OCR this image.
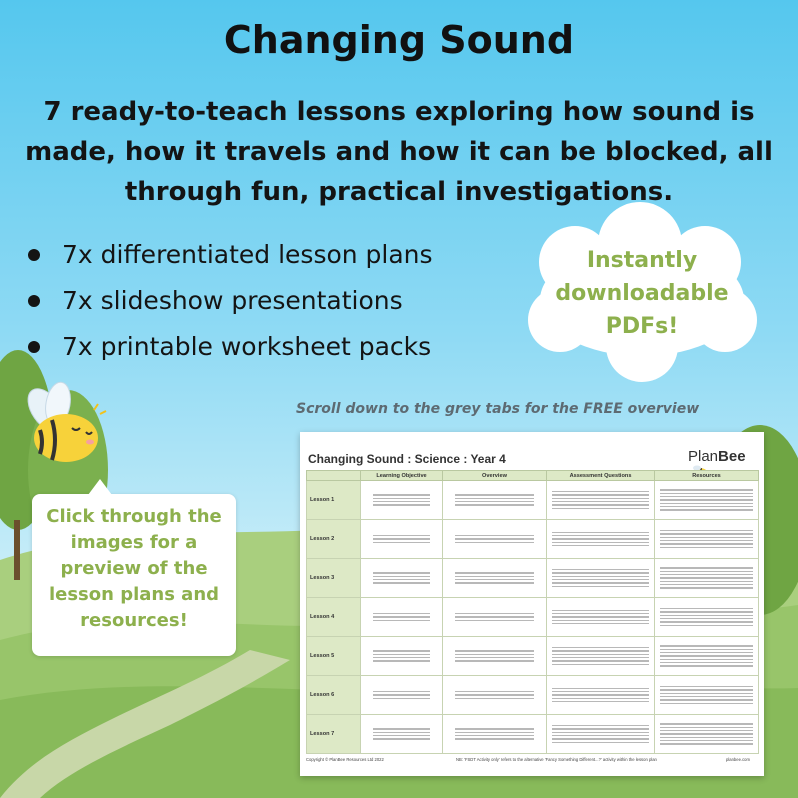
Changing Sound
7 ready-to-teach lessons exploring how sound is made, how it travels and how it can be blocked, all through fun, practical investigations.
7x differentiated lesson plans
7x slideshow presentations
7x printable worksheet packs
Instantly downloadable PDFs!
Scroll down to the grey tabs for the FREE overview
Click through the images for a preview of the lesson plans and resources!
Changing Sound : Science : Year 4	PlanBee
	Learning Objective	Overview	Assessment Questions	Resources
Lesson 1	

Lesson 2	

Lesson 3	

Lesson 4	

Lesson 5	

Lesson 6	

Lesson 7	

Copyright © PlanBee Resources Ltd 2022	NB: 'FSDT Activity only' refers to the alternative 'Fancy Something Different...?' activity within the lesson plan	planbee.com
